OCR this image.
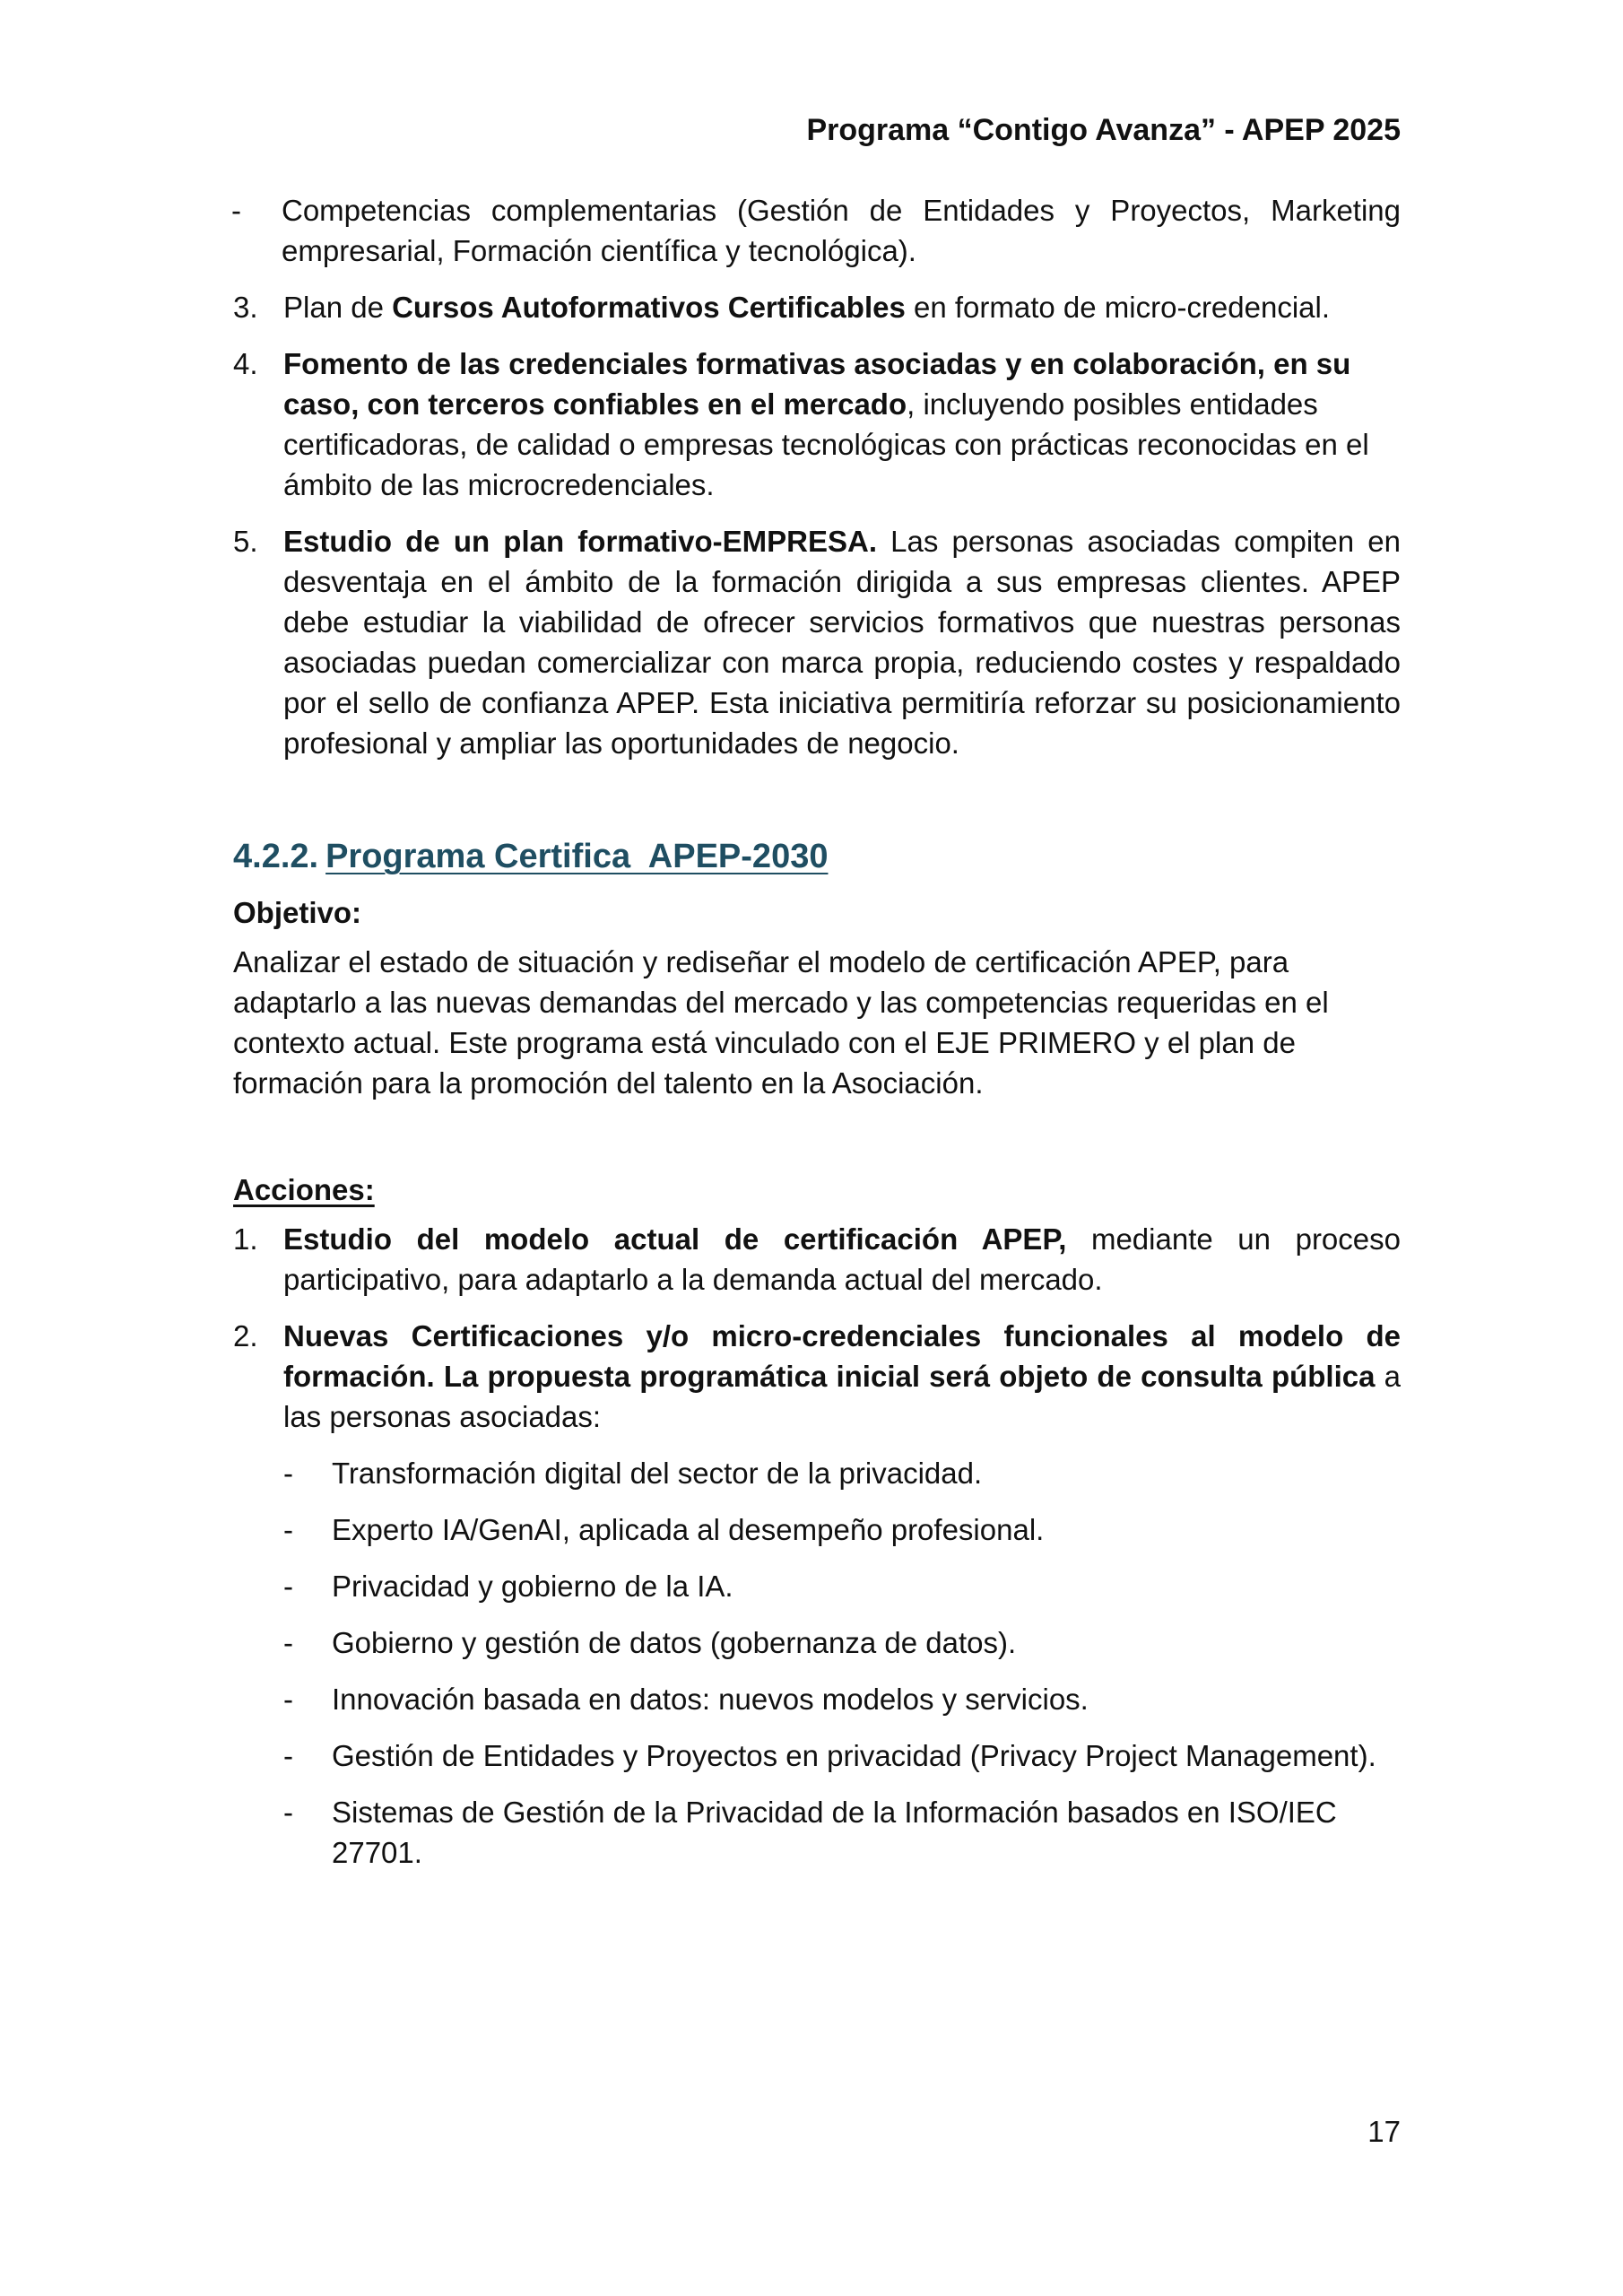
Programa “Contigo Avanza” - APEP 2025
- Competencias complementarias (Gestión de Entidades y Proyectos, Marketing empresarial, Formación científica y tecnológica).
3. Plan de Cursos Autoformativos Certificables en formato de micro-credencial.
4. Fomento de las credenciales formativas asociadas y en colaboración, en su caso, con terceros confiables en el mercado, incluyendo posibles entidades certificadoras, de calidad o empresas tecnológicas con prácticas reconocidas en el ámbito de las microcredenciales.
5. Estudio de un plan formativo-EMPRESA. Las personas asociadas compiten en desventaja en el ámbito de la formación dirigida a sus empresas clientes. APEP debe estudiar la viabilidad de ofrecer servicios formativos que nuestras personas asociadas puedan comercializar con marca propia, reduciendo costes y respaldado por el sello de confianza APEP. Esta iniciativa permitiría reforzar su posicionamiento profesional y ampliar las oportunidades de negocio.
4.2.2. Programa Certifica  APEP-2030
Objetivo:
Analizar el estado de situación y rediseñar el modelo de certificación APEP, para adaptarlo a las nuevas demandas del mercado y las competencias requeridas en el contexto actual. Este programa está vinculado con el EJE PRIMERO y el plan de formación para la promoción del talento en la Asociación.
Acciones:
1. Estudio del modelo actual de certificación APEP, mediante un proceso participativo, para adaptarlo a la demanda actual del mercado.
2. Nuevas Certificaciones y/o micro-credenciales funcionales al modelo de formación. La propuesta programática inicial será objeto de consulta pública a las personas asociadas:
- Transformación digital del sector de la privacidad.
- Experto IA/GenAI, aplicada al desempeño profesional.
- Privacidad y gobierno de la IA.
- Gobierno y gestión de datos (gobernanza de datos).
- Innovación basada en datos: nuevos modelos y servicios.
- Gestión de Entidades y Proyectos en privacidad (Privacy Project Management).
- Sistemas de Gestión de la Privacidad de la Información basados en ISO/IEC 27701.
17
